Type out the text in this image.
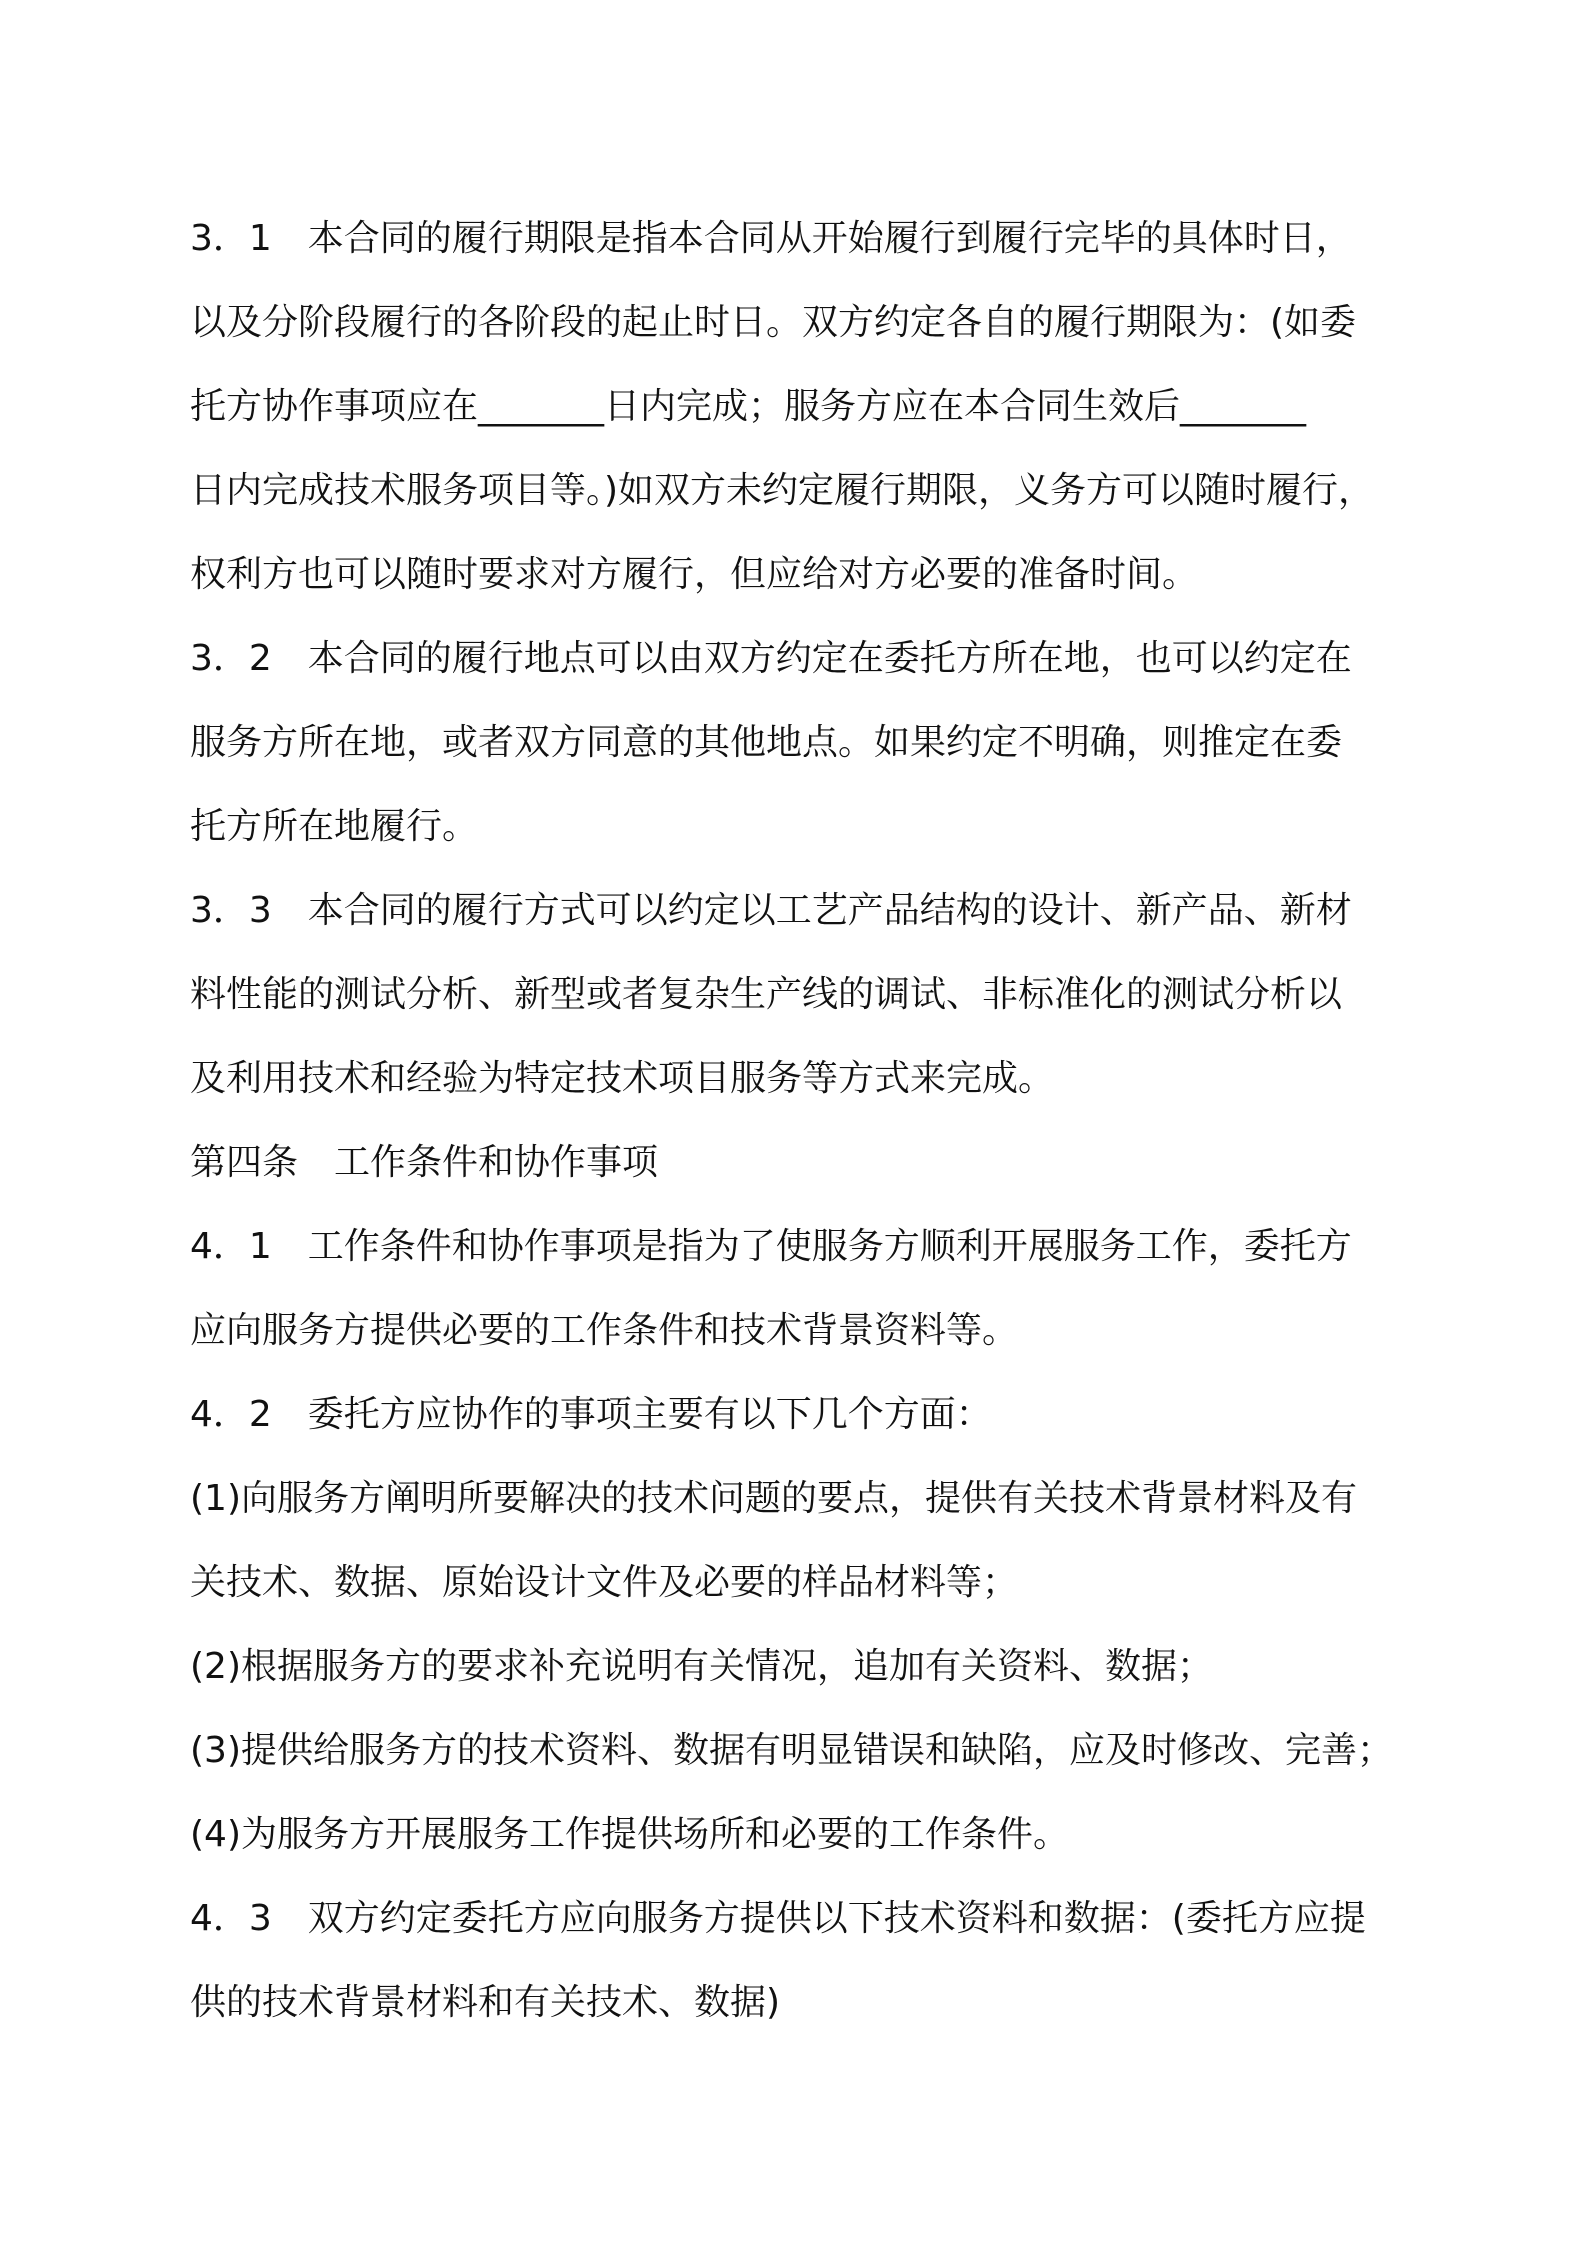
3．1　本合同的履行期限是指本合同从开始履行到履行完毕的具体时日，
以及分阶段履行的各阶段的起止时日。双方约定各自的履行期限为：(如委
托方协作事项应在_______日内完成；服务方应在本合同生效后_______
日内完成技术服务项目等。)如双方未约定履行期限，义务方可以随时履行，
权利方也可以随时要求对方履行，但应给对方必要的准备时间。
3．2　本合同的履行地点可以由双方约定在委托方所在地，也可以约定在
服务方所在地，或者双方同意的其他地点。如果约定不明确，则推定在委
托方所在地履行。
3．3　本合同的履行方式可以约定以工艺产品结构的设计、新产品、新材
料性能的测试分析、新型或者复杂生产线的调试、非标准化的测试分析以
及利用技术和经验为特定技术项目服务等方式来完成。
第四条　工作条件和协作事项
4．1　工作条件和协作事项是指为了使服务方顺利开展服务工作，委托方
应向服务方提供必要的工作条件和技术背景资料等。
4．2　委托方应协作的事项主要有以下几个方面：
(1)向服务方阐明所要解决的技术问题的要点，提供有关技术背景材料及有
关技术、数据、原始设计文件及必要的样品材料等；
(2)根据服务方的要求补充说明有关情况，追加有关资料、数据；
(3)提供给服务方的技术资料、数据有明显错误和缺陷，应及时修改、完善；
(4)为服务方开展服务工作提供场所和必要的工作条件。
4．3　双方约定委托方应向服务方提供以下技术资料和数据：(委托方应提
供的技术背景材料和有关技术、数据)
